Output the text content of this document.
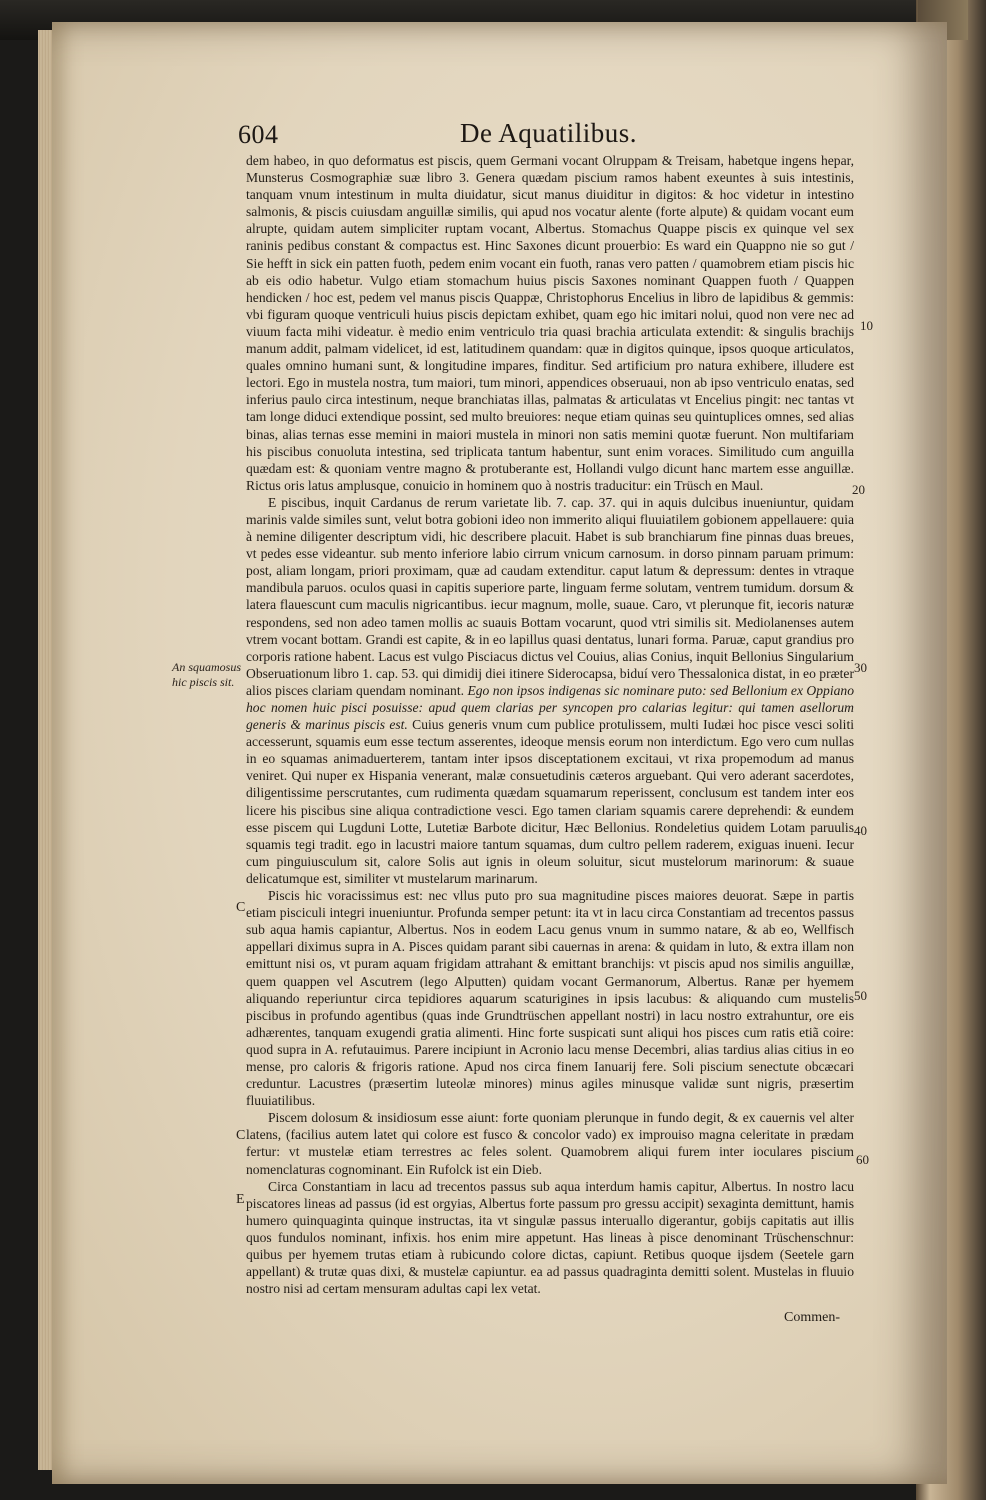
604	De Aquatilibus.

dem habeo, in quo deformatus est piscis, quem Germani vocant Olruppam & Treisam, habetque ingens hepar, Munsterus Cosmographiæ suæ libro 3. Genera quædam piscium ramos habent exeuntes à suis intestinis, tanquam vnum intestinum in multa diuidatur, sicut manus diuiditur in digitos: & hoc videtur in intestino salmonis, & piscis cuiusdam anguillæ similis, qui apud nos vocatur alente (forte alpute) & quidam vocant eum alrupte, quidam autem simpliciter ruptam vocant, Albertus. Stomachus Quappe piscis ex quinque vel sex raninis pedibus constant & compactus est. Hinc Saxones dicunt prouerbio: Es ward ein Quappno nie so gut / Sie hefft in sick ein patten fuoth, pedem enim vocant ein fuoth, ranas vero patten / quamobrem etiam piscis hic ab eis odio habetur. Vulgo etiam stomachum huius piscis Saxones nominant Quappen fuoth / Quappen hendicken / hoc est, pedem vel manus piscis Quappæ, Christophorus Encelius in libro de lapidibus & gemmis: vbi figuram quoque ventriculi huius piscis depictam exhibet, quam ego hic imitari nolui, quod non vere nec ad viuum facta mihi videatur. è medio enim ventriculo tria quasi brachia articulata extendit: & singulis brachijs manum addit, palmam videlicet, id est, latitudinem quandam: quæ in digitos quinque, ipsos quoque articulatos, quales omnino humani sunt, & longitudine impares, finditur. Sed artificium pro natura exhibere, illudere est lectori. Ego in mustela nostra, tum maiori, tum minori, appendices obseruaui, non ab ipso ventriculo enatas, sed inferius paulo circa intestinum, neque branchiatas illas, palmatas & articulatas vt Encelius pingit: nec tantas vt tam longe diduci extendique possint, sed multo breuiores: neque etiam quinas seu quintuplices omnes, sed alias binas, alias ternas esse memini in maiori mustela in minori non satis memini quotæ fuerunt. Non multifariam his piscibus conuoluta intestina, sed triplicata tantum habentur, sunt enim voraces. Similitudo cum anguilla quædam est: & quoniam ventre magno & protuberante est, Hollandi vulgo dicunt hanc martem esse anguillæ. Rictus oris latus amplusque, conuicio in hominem quo à nostris traducitur: ein Trüsch en Maul.

E piscibus, inquit Cardanus de rerum varietate lib. 7. cap. 37. qui in aquis dulcibus inueniuntur, quidam marinis valde similes sunt, velut botra gobioni ideo non immerito aliqui fluuiatilem gobionem appellauere: quia à nemine diligenter descriptum vidi, hic describere placuit. Habet is sub branchiarum fine pinnas duas breues, vt pedes esse videantur. sub mento inferiore labio cirrum vnicum carnosum. in dorso pinnam paruam primum: post, aliam longam, priori proximam, quæ ad caudam extenditur. caput latum & depressum: dentes in vtraque mandibula paruos. oculos quasi in capitis superiore parte, linguam ferme solutam, ventrem tumidum. dorsum & latera flauescunt cum maculis nigricantibus. iecur magnum, molle, suaue. Caro, vt plerunque fit, iecoris naturæ respondens, sed non adeo tamen mollis ac suauis Bottam vocarunt, quod vtri similis sit. Mediolanenses autem vtrem vocant bottam. Grandi est capite, & in eo lapillus quasi dentatus, lunari forma. Paruæ, caput grandius pro corporis ratione habent. Lacus est vulgo Pisciacus dictus vel Couius, alias Conius, inquit Bellonius Singularium Obseruationum libro 1. cap. 53. qui dimidij diei itinere Siderocapsa, biduí vero Thessalonica distat, in eo præter alios pisces clariam quendam nominant. Ego non ipsos indigenas sic nominare puto: sed Bellonium ex Oppiano hoc nomen huic pisci posuisse: apud quem clarias per syncopen pro calarias legitur: qui tamen asellorum generis & marinus piscis est. Cuius generis vnum cum publice protulissem, multi Iudæi hoc pisce vesci soliti accesserunt, squamis eum esse tectum asserentes, ideoque mensis eorum non interdictum. Ego vero cum nullas in eo squamas animaduerterem, tantam inter ipsos disceptationem excitaui, vt rixa propemodum ad manus veniret. Qui nuper ex Hispania venerant, malæ consuetudinis cæteros arguebant. Qui vero aderant sacerdotes, diligentissime perscrutantes, cum rudimenta quædam squamarum reperissent, conclusum est tandem inter eos licere his piscibus sine aliqua contradictione vesci. Ego tamen clariam squamis carere deprehendi: & eundem esse piscem qui Lugduni Lotte, Lutetiæ Barbote dicitur, Hæc Bellonius. Rondeletius quidem Lotam paruulis squamis tegi tradit. ego in lacustri maiore tantum squamas, dum cultro pellem raderem, exiguas inueni. Iecur cum pinguiusculum sit, calore Solis aut ignis in oleum soluitur, sicut mustelorum marinorum: & suaue delicatumque est, similiter vt mustelarum marinarum.

Piscis hic voracissimus est: nec vllus puto pro sua magnitudine pisces maiores deuorat. Sæpe in partis etiam pisciculi integri inueniuntur. Profunda semper petunt: ita vt in lacu circa Constantiam ad trecentos passus sub aqua hamis capiantur, Albertus. Nos in eodem Lacu genus vnum in summo natare, & ab eo, Wellfisch appellari diximus supra in A. Pisces quidam parant sibi cauernas in arena: & quidam in luto, & extra illam non emittunt nisi os, vt puram aquam frigidam attrahant & emittant branchijs: vt piscis apud nos similis anguillæ, quem quappen vel Ascutrem (lego Alputten) quidam vocant Germanorum, Albertus. Ranæ per hyemem aliquando reperiuntur circa tepidiores aquarum scaturigines in ipsis lacubus: & aliquando cum mustelis piscibus in profundo agentibus (quas inde Grundtrüschen appellant nostri) in lacu nostro extrahuntur, ore eis adhærentes, tanquam exugendi gratia alimenti. Hinc forte suspicati sunt aliqui hos pisces cum ratis etiã coire: quod supra in A. refutauimus. Parere incipiunt in Acronio lacu mense Decembri, alias tardius alias citius in eo mense, pro caloris & frigoris ratione. Apud nos circa finem Ianuarij fere. Soli piscium senectute obcæcari creduntur. Lacustres (præsertim luteolæ minores) minus agiles minusque validæ sunt nigris, præsertim fluuiatilibus.

Piscem dolosum & insidiosum esse aiunt: forte quoniam plerunque in fundo degit, & ex cauernis vel alter latens, (facilius autem latet qui colore est fusco & concolor vado) ex improuiso magna celeritate in prædam fertur: vt mustelæ etiam terrestres ac feles solent. Quamobrem aliqui furem inter ioculares piscium nomenclaturas cognominant. Ein Rufolck ist ein Dieb.

Circa Constantiam in lacu ad trecentos passus sub aqua interdum hamis capitur, Albertus. In nostro lacu piscatores lineas ad passus (id est orgyias, Albertus forte passum pro gressu accipit) sexaginta demittunt, hamis humero quinquaginta quinque instructas, ita vt singulæ passus interuallo digerantur, gobijs capitatis aut illis quos fundulos nominant, infixis. hos enim mire appetunt. Has lineas à pisce denominant Trüschenschnur: quibus per hyemem trutas etiam à rubicundo colore dictas, capiunt. Retibus quoque ijsdem (Seetele garn appellant) & trutæ quas dixi, & mustelæ capiuntur. ea ad passus quadraginta demitti solent. Mustelas in fluuio nostro nisi ad certam mensuram adultas capi lex vetat.

An squamosus hic piscis sit.
10
20
30
40
50
60
C
C
E
Commen-
